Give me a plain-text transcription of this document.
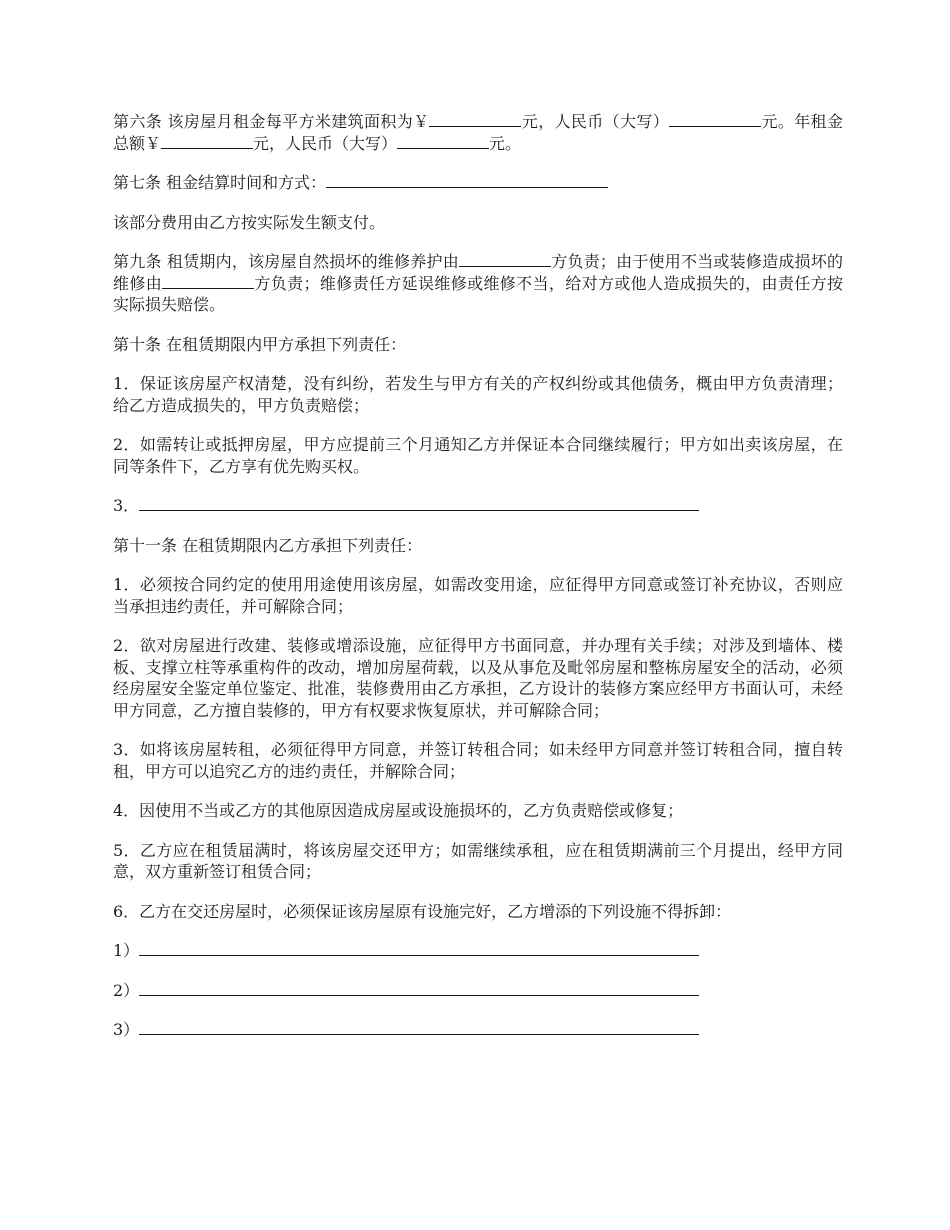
第六条 该房屋月租金每平方米建筑面积为￥	元，人民币（大写）	元。年租金总额￥	元，人民币（大写）	元。

第七条 租金结算时间和方式：

该部分费用由乙方按实际发生额支付。

第九条 租赁期内，该房屋自然损坏的维修养护由	方负责；由于使用不当或装修造成损坏的维修由	方负责；维修责任方延误维修或维修不当，给对方或他人造成损失的，由责任方按实际损失赔偿。

第十条 在租赁期限内甲方承担下列责任：

1．保证该房屋产权清楚，没有纠纷，若发生与甲方有关的产权纠纷或其他债务，概由甲方负责清理；给乙方造成损失的，甲方负责赔偿；

2．如需转让或抵押房屋，甲方应提前三个月通知乙方并保证本合同继续履行；甲方如出卖该房屋，在同等条件下，乙方享有优先购买权。

3．

第十一条 在租赁期限内乙方承担下列责任：

1．必须按合同约定的使用用途使用该房屋，如需改变用途，应征得甲方同意或签订补充协议，否则应当承担违约责任，并可解除合同；

2．欲对房屋进行改建、装修或增添设施，应征得甲方书面同意，并办理有关手续；对涉及到墙体、楼板、支撑立柱等承重构件的改动，增加房屋荷载，以及从事危及毗邻房屋和整栋房屋安全的活动，必须经房屋安全鉴定单位鉴定、批准，装修费用由乙方承担，乙方设计的装修方案应经甲方书面认可，未经甲方同意，乙方擅自装修的，甲方有权要求恢复原状，并可解除合同；

3．如将该房屋转租，必须征得甲方同意，并签订转租合同；如未经甲方同意并签订转租合同，擅自转租，甲方可以追究乙方的违约责任，并解除合同；

4．因使用不当或乙方的其他原因造成房屋或设施损坏的，乙方负责赔偿或修复；

5．乙方应在租赁届满时，将该房屋交还甲方；如需继续承租，应在租赁期满前三个月提出，经甲方同意，双方重新签订租赁合同；

6．乙方在交还房屋时，必须保证该房屋原有设施完好，乙方增添的下列设施不得拆卸：

1）

2）

3）
